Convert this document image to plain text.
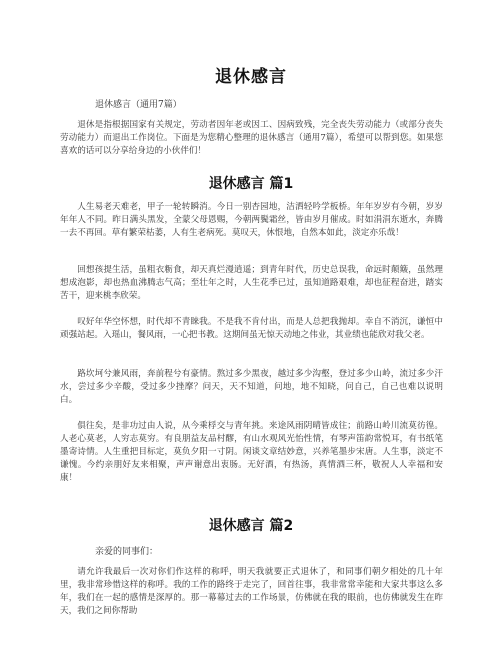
退休感言
退休感言（通用7篇）

退休是指根据国家有关规定，劳动者因年老或因工、因病致残，完全丧失劳动能力（或部分丧失劳动能力）而退出工作岗位。下面是为您精心整理的退休感言（通用7篇），希望可以帮到您。如果您喜欢的话可以分享给身边的小伙伴们！

退休感言 篇1

人生易老天难老，甲子一轮转瞬消。今日一别杏园地，洁洒轻吟学板桥。年年岁岁有今朝，岁岁年年人不同。昨日满头黑发，全蒙父母恩赐，今朝两鬓霜丝，皆由岁月催成。时如涓涓东逝水，奔腾一去不再回。草有繁荣枯萎，人有生老病死。莫叹天，休恨地，自然本如此，淡定亦乐哉！

回想孩提生活，虽粗衣粝食，却天真烂漫逍遥；到青年时代，历史总误我，命远时颠簸，虽然理想成泡影，却也热血沸腾志气高；至壮年之时，人生花季已过，虽知道路艰难，却也征程奋进，踏实苦干，迎来桃李欣荣。

叹好年华空怀想，时代却不青睐我。不是我不肯付出，而是人总把我抛却。幸自不消沉，谦恒中顽强站起。入瑶山，餐风雨，一心把书教。这期间虽无惊天动地之伟业，其业绩也能欣对我父老。

路坎坷兮兼风雨，奔前程兮有豪情。熬过多少黑夜，越过多少沟壑，登过多少山岭，流过多少汗水，尝过多少辛酸，受过多少挫摩？问天，天不知道，问地，地不知晓，问自己，自己也难以说明白。

俱往矣，是非功过由人说，从今乘桴交与青年挑。来途风雨阴晴皆成往；前路山岭川流莫彷徨。人老心莫老，人穷志莫穷。有良朋益友品村醪，有山水观风光怡性情，有琴声笛韵常悦耳，有书纸笔墨寄诗情。人生重把目标定，莫负夕阳一寸阴。闲谈文章结妙意，兴养笔墨步宋唐。人生事，淡定不谦愧。今约亲朋好友来相聚，声声谢意出衷肠。无好酒，有热汤，真情酒三杯，敬祝人人幸福和安康！

退休感言 篇2
亲爱的同事们：

请允许我最后一次对你们作这样的称呼，明天我就要正式退休了，和同事们朝夕相处的几十年里，我非常珍惜这样的称呼。我的工作的路终于走完了，回首往事，我非常常幸能和大家共事这么多年，我们在一起的感情是深厚的。那一幕幕过去的工作场景，仿佛就在我的眼前，也仿佛就发生在昨天，我们之间你帮助
